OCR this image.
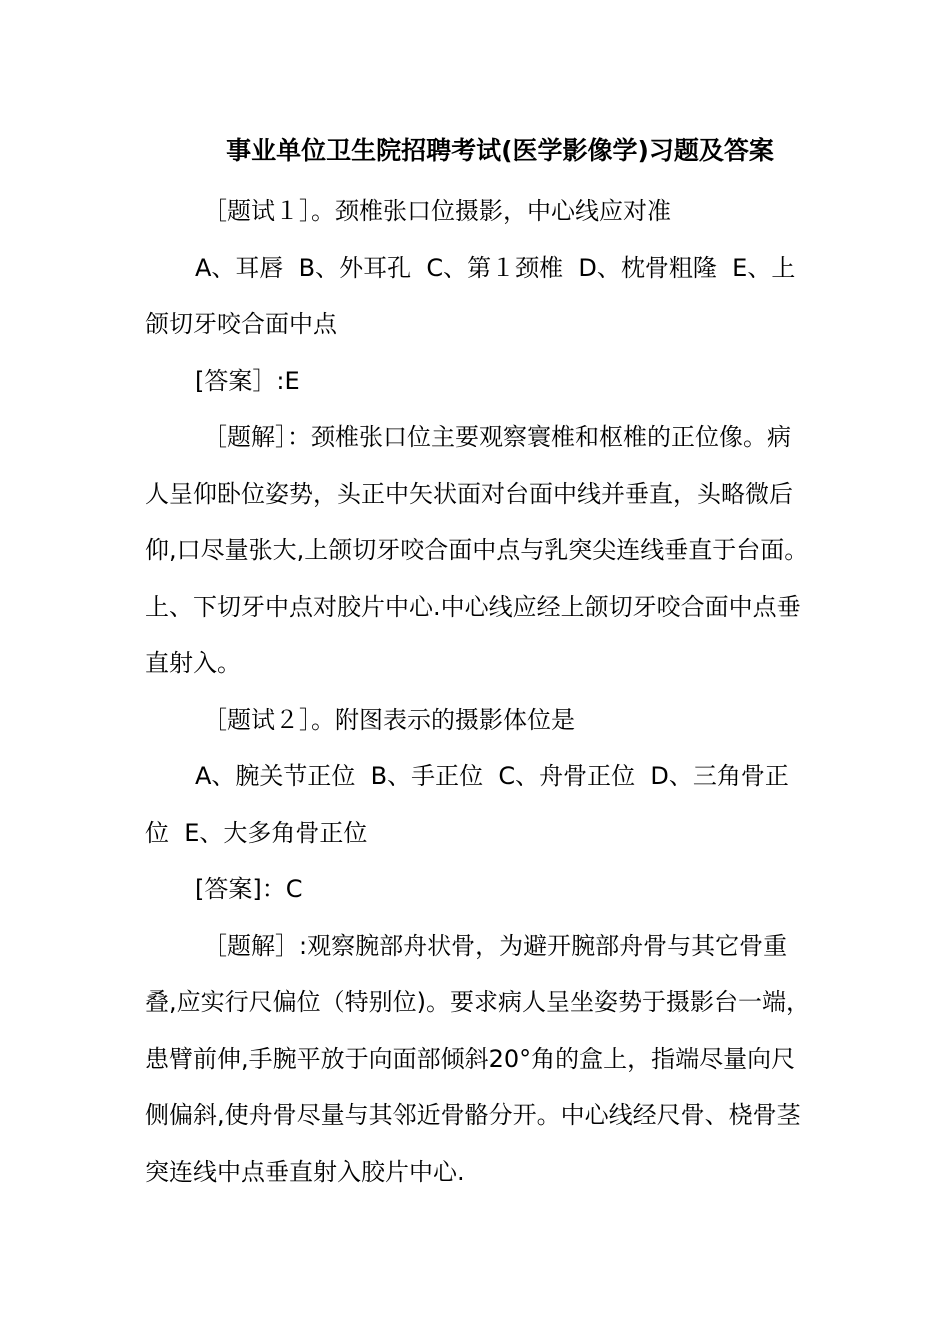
事业单位卫生院招聘考试(医学影像学)习题及答案

［题试１］。颈椎张口位摄影，中心线应对准

A、耳唇  B、外耳孔  C、第１颈椎  D、枕骨粗隆  E、上颌切牙咬合面中点

[答案］:E

［题解］：颈椎张口位主要观察寰椎和枢椎的正位像。病人呈仰卧位姿势，头正中矢状面对台面中线并垂直，头略微后仰,口尽量张大,上颌切牙咬合面中点与乳突尖连线垂直于台面。上、下切牙中点对胶片中心.中心线应经上颌切牙咬合面中点垂直射入。

［题试２］。附图表示的摄影体位是

A、腕关节正位  B、手正位  C、舟骨正位  D、三角骨正位  E、大多角骨正位

[答案]：C

［题解］:观察腕部舟状骨，为避开腕部舟骨与其它骨重叠,应实行尺偏位（特别位)。要求病人呈坐姿势于摄影台一端，患臂前伸,手腕平放于向面部倾斜20°角的盒上，指端尽量向尺侧偏斜,使舟骨尽量与其邻近骨骼分开。中心线经尺骨、桡骨茎突连线中点垂直射入胶片中心.
